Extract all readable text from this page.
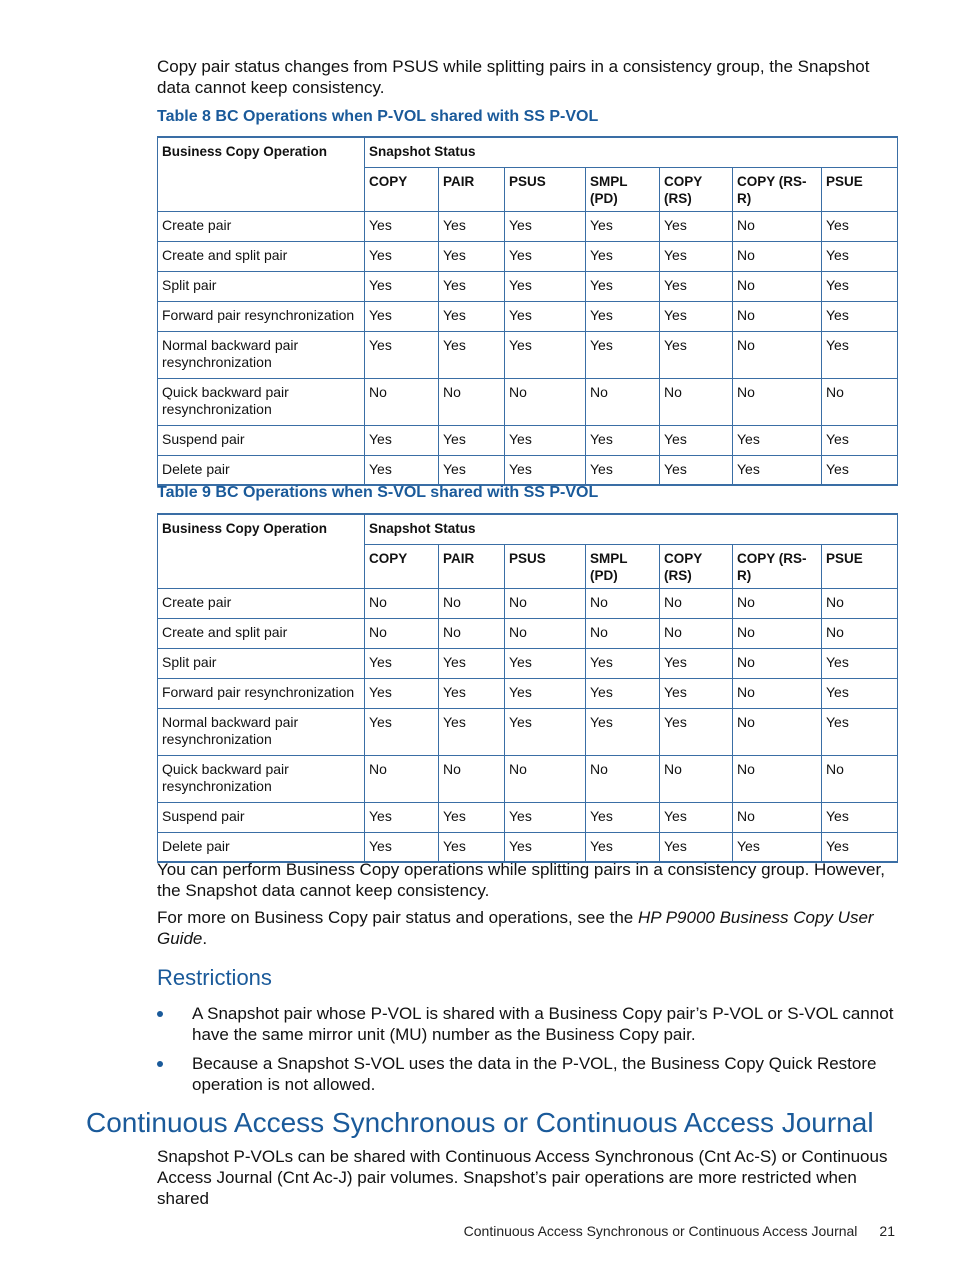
Copy pair status changes from PSUS while splitting pairs in a consistency group, the Snapshot data cannot keep consistency.

Table 8 BC Operations when P-VOL shared with SS P-VOL
Business Copy Operation	Snapshot Status						
	COPY	PAIR	PSUS	SMPL (PD)	COPY (RS)	COPY (RS-R)	PSUE
Create pair	Yes	Yes	Yes	Yes	Yes	No	Yes
Create and split pair	Yes	Yes	Yes	Yes	Yes	No	Yes
Split pair	Yes	Yes	Yes	Yes	Yes	No	Yes
Forward pair resynchronization	Yes	Yes	Yes	Yes	Yes	No	Yes
Normal backward pair resynchronization	Yes	Yes	Yes	Yes	Yes	No	Yes
Quick backward pair resynchronization	No	No	No	No	No	No	No
Suspend pair	Yes	Yes	Yes	Yes	Yes	Yes	Yes
Delete pair	Yes	Yes	Yes	Yes	Yes	Yes	Yes
Table 9 BC Operations when S-VOL shared with SS P-VOL
Business Copy Operation	Snapshot Status						
	COPY	PAIR	PSUS	SMPL (PD)	COPY (RS)	COPY (RS-R)	PSUE
Create pair	No	No	No	No	No	No	No
Create and split pair	No	No	No	No	No	No	No
Split pair	Yes	Yes	Yes	Yes	Yes	No	Yes
Forward pair resynchronization	Yes	Yes	Yes	Yes	Yes	No	Yes
Normal backward pair resynchronization	Yes	Yes	Yes	Yes	Yes	No	Yes
Quick backward pair resynchronization	No	No	No	No	No	No	No
Suspend pair	Yes	Yes	Yes	Yes	Yes	No	Yes
Delete pair	Yes	Yes	Yes	Yes	Yes	Yes	Yes

You can perform Business Copy operations while splitting pairs in a consistency group. However, the Snapshot data cannot keep consistency.

For more on Business Copy pair status and operations, see the HP P9000 Business Copy User Guide.

Restrictions
A Snapshot pair whose P-VOL is shared with a Business Copy pair’s P-VOL or S-VOL cannot have the same mirror unit (MU) number as the Business Copy pair.
Because a Snapshot S-VOL uses the data in the P-VOL, the Business Copy Quick Restore operation is not allowed.
Continuous Access Synchronous or Continuous Access Journal

Snapshot P-VOLs can be shared with Continuous Access Synchronous (Cnt Ac-S) or Continuous Access Journal (Cnt Ac-J) pair volumes. Snapshot’s pair operations are more restricted when shared

Continuous Access Synchronous or Continuous Access Journal 21
